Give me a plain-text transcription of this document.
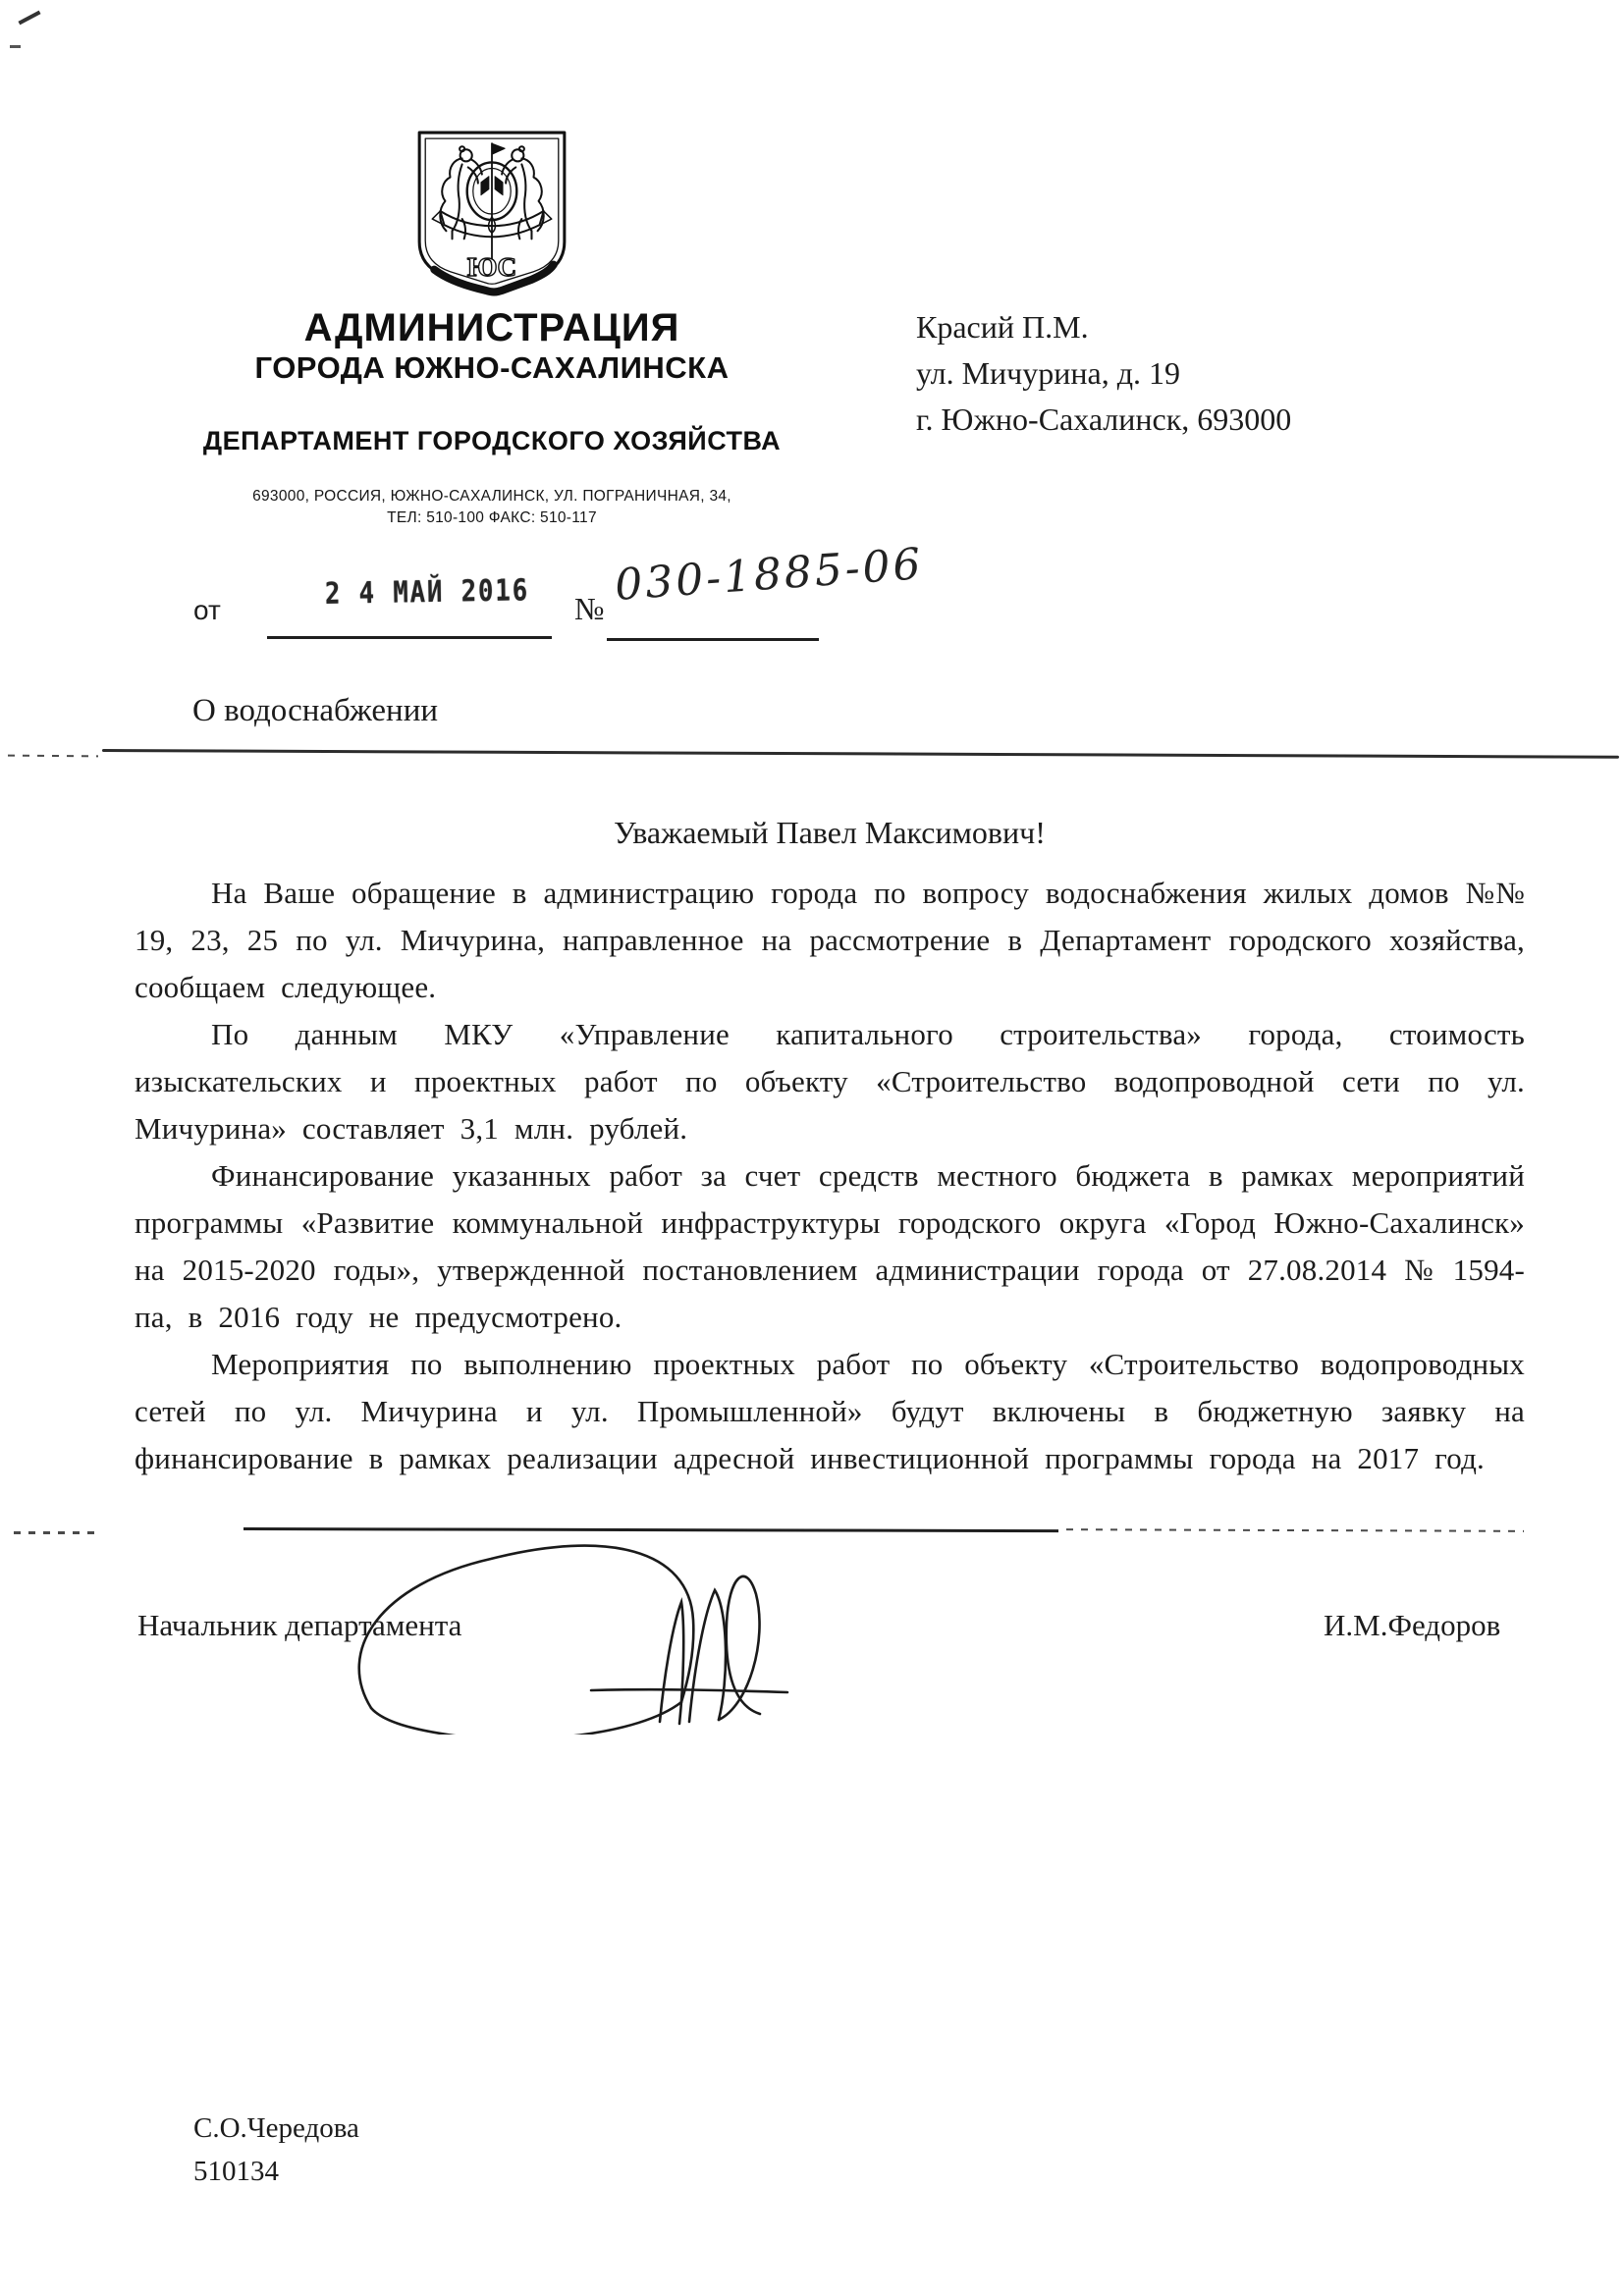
ЮС
АДМИНИСТРАЦИЯ
ГОРОДА ЮЖНО-САХАЛИНСКА
ДЕПАРТАМЕНТ ГОРОДСКОГО ХОЗЯЙСТВА
693000, РОССИЯ, ЮЖНО-САХАЛИНСК, УЛ. ПОГРАНИЧНАЯ, 34,
ТЕЛ: 510-100 ФАКС: 510-117
Красий П.М.
ул. Мичурина, д. 19
г. Южно-Сахалинск, 693000
от	2 4 МАЙ 2016	№ 030-1885-06
О водоснабжении
Уважаемый Павел Максимович!

На Ваше обращение в администрацию города по вопросу водоснабжения жилых домов №№ 19, 23, 25 по ул. Мичурина, направленное на рассмотрение в Департамент городского хозяйства, сообщаем следующее.

По данным МКУ «Управление капитального строительства» города, стоимость изыскательских и проектных работ по объекту «Строительство водопроводной сети по ул. Мичурина» составляет 3,1 млн. рублей.

Финансирование указанных работ за счет средств местного бюджета в рамках мероприятий программы «Развитие коммунальной инфраструктуры городского округа «Город Южно-Сахалинск» на 2015-2020 годы», утвержденной постановлением администрации города от 27.08.2014 № 1594-па, в 2016 году не предусмотрено.

Мероприятия по выполнению проектных работ по объекту «Строительство водопроводных сетей по ул. Мичурина и ул. Промышленной» будут включены в бюджетную заявку на финансирование в рамках реализации адресной инвестиционной программы города на 2017 год.

Начальник департамента	И.М.Федоров
С.О.Чередова
510134
